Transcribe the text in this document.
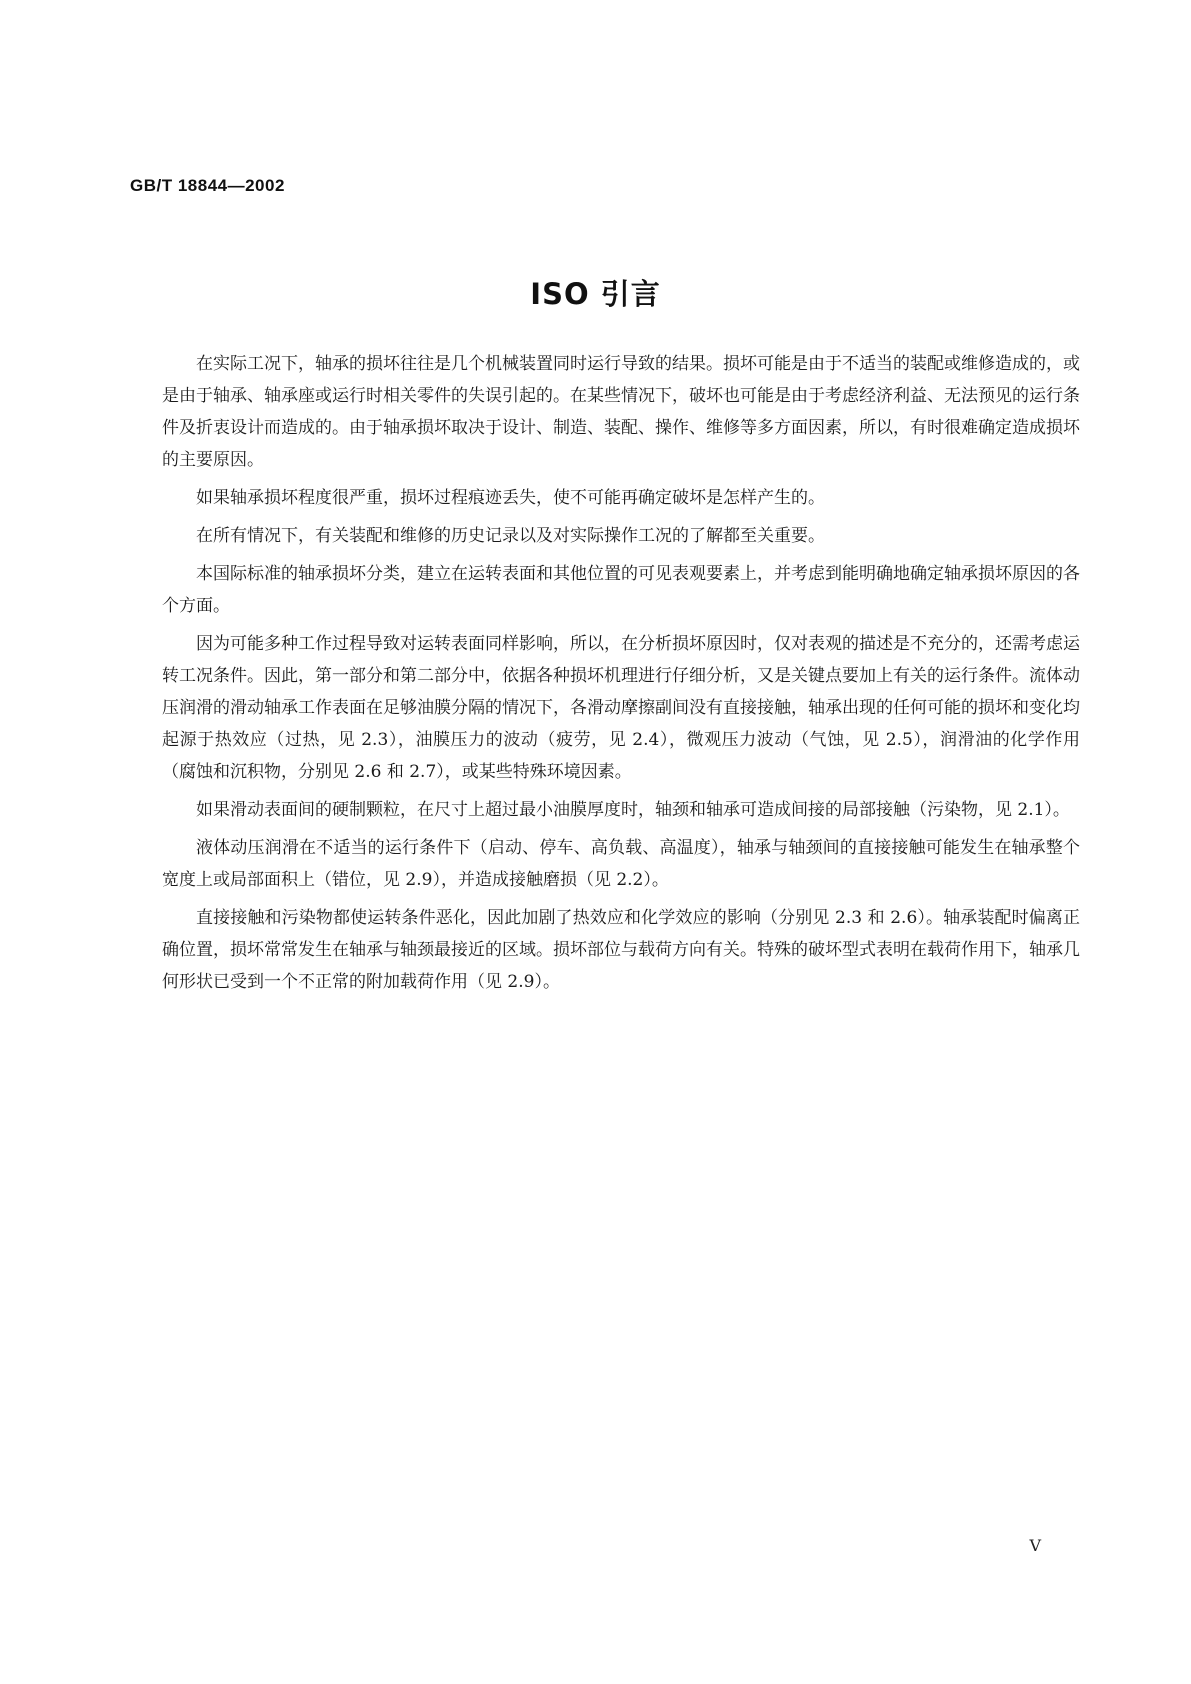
GB/T 18844—2002
ISO 引言

在实际工况下，轴承的损坏往往是几个机械装置同时运行导致的结果。损坏可能是由于不适当的装配或维修造成的，或是由于轴承、轴承座或运行时相关零件的失误引起的。在某些情况下，破坏也可能是由于考虑经济利益、无法预见的运行条件及折衷设计而造成的。由于轴承损坏取决于设计、制造、装配、操作、维修等多方面因素，所以，有时很难确定造成损坏的主要原因。

如果轴承损坏程度很严重，损坏过程痕迹丢失，使不可能再确定破坏是怎样产生的。

在所有情况下，有关装配和维修的历史记录以及对实际操作工况的了解都至关重要。

本国际标准的轴承损坏分类，建立在运转表面和其他位置的可见表观要素上，并考虑到能明确地确定轴承损坏原因的各个方面。

因为可能多种工作过程导致对运转表面同样影响，所以，在分析损坏原因时，仅对表观的描述是不充分的，还需考虑运转工况条件。因此，第一部分和第二部分中，依据各种损坏机理进行仔细分析，又是关键点要加上有关的运行条件。流体动压润滑的滑动轴承工作表面在足够油膜分隔的情况下，各滑动摩擦副间没有直接接触，轴承出现的任何可能的损坏和变化均起源于热效应（过热，见 2.3），油膜压力的波动（疲劳，见 2.4），微观压力波动（气蚀，见 2.5），润滑油的化学作用（腐蚀和沉积物，分别见 2.6 和 2.7），或某些特殊环境因素。

如果滑动表面间的硬制颗粒，在尺寸上超过最小油膜厚度时，轴颈和轴承可造成间接的局部接触（污染物，见 2.1）。

液体动压润滑在不适当的运行条件下（启动、停车、高负载、高温度），轴承与轴颈间的直接接触可能发生在轴承整个宽度上或局部面积上（错位，见 2.9），并造成接触磨损（见 2.2）。

直接接触和污染物都使运转条件恶化，因此加剧了热效应和化学效应的影响（分别见 2.3 和 2.6）。轴承装配时偏离正确位置，损坏常常发生在轴承与轴颈最接近的区域。损坏部位与载荷方向有关。特殊的破坏型式表明在载荷作用下，轴承几何形状已受到一个不正常的附加载荷作用（见 2.9）。

V
